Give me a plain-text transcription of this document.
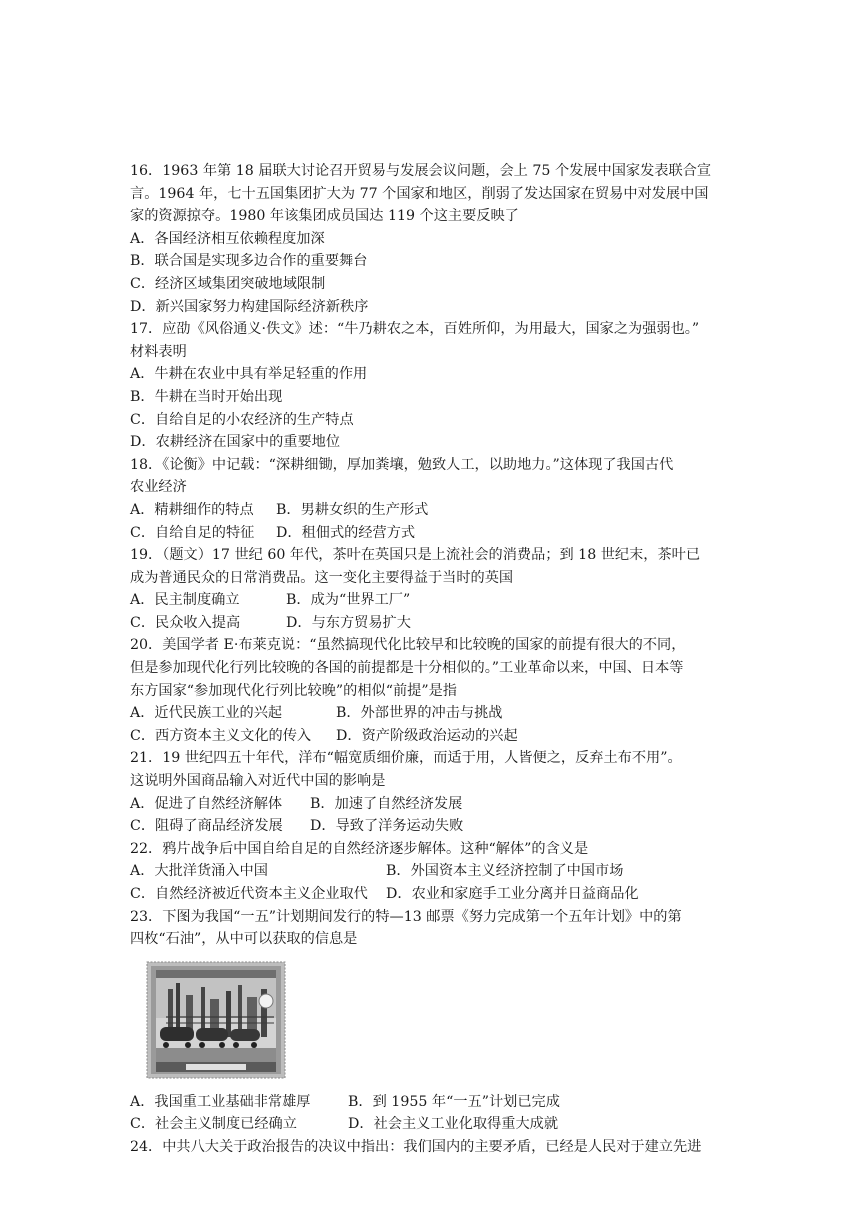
16．1963 年第 18 届联大讨论召开贸易与发展会议问题，会上 75 个发展中国家发表联合宣
言。1964 年，七十五国集团扩大为 77 个国家和地区，削弱了发达国家在贸易中对发展中国
家的资源掠夺。1980 年该集团成员国达 119 个这主要反映了
A．各国经济相互依赖程度加深
B．联合国是实现多边合作的重要舞台
C．经济区域集团突破地域限制
D．新兴国家努力构建国际经济新秩序
17．应劭《风俗通义·佚文》述：“牛乃耕农之本，百姓所仰，为用最大，国家之为强弱也。”
材料表明
A．牛耕在农业中具有举足轻重的作用
B．牛耕在当时开始出现
C．自给自足的小农经济的生产特点
D．农耕经济在国家中的重要地位
18．《论衡》中记载：“深耕细锄，厚加粪壤，勉致人工，以助地力。”这体现了我国古代
农业经济
A．精耕细作的特点	B．男耕女织的生产形式
C．自给自足的特征	D．租佃式的经营方式
19．（题文）17 世纪 60 年代，茶叶在英国只是上流社会的消费品；到 18 世纪末，茶叶已
成为普通民众的日常消费品。这一变化主要得益于当时的英国
A．民主制度确立	B．成为“世界工厂”
C．民众收入提高	D．与东方贸易扩大
20．美国学者 E·布莱克说：“虽然搞现代化比较早和比较晚的国家的前提有很大的不同，
但是参加现代化行列比较晚的各国的前提都是十分相似的。”工业革命以来，中国、日本等
东方国家“参加现代化行列比较晚”的相似“前提”是指
A．近代民族工业的兴起	B．外部世界的冲击与挑战
C．西方资本主义文化的传入	D．资产阶级政治运动的兴起
21．19 世纪四五十年代，洋布“幅宽质细价廉，而适于用，人皆便之，反弃土布不用”。
这说明外国商品输入对近代中国的影响是
A．促进了自然经济解体	B．加速了自然经济发展
C．阻碍了商品经济发展	D．导致了洋务运动失败
22．鸦片战争后中国自给自足的自然经济逐步解体。这种“解体”的含义是
A．大批洋货涌入中国	B．外国资本主义经济控制了中国市场
C．自然经济被近代资本主义企业取代	D．农业和家庭手工业分离并日益商品化
23．下图为我国“一五”计划期间发行的特—13 邮票《努力完成第一个五年计划》中的第
四枚“石油”，从中可以获取的信息是
A．我国重工业基础非常雄厚	B．到 1955 年“一五”计划已完成
C．社会主义制度已经确立	D．社会主义工业化取得重大成就
24．中共八大关于政治报告的决议中指出：我们国内的主要矛盾，已经是人民对于建立先进
